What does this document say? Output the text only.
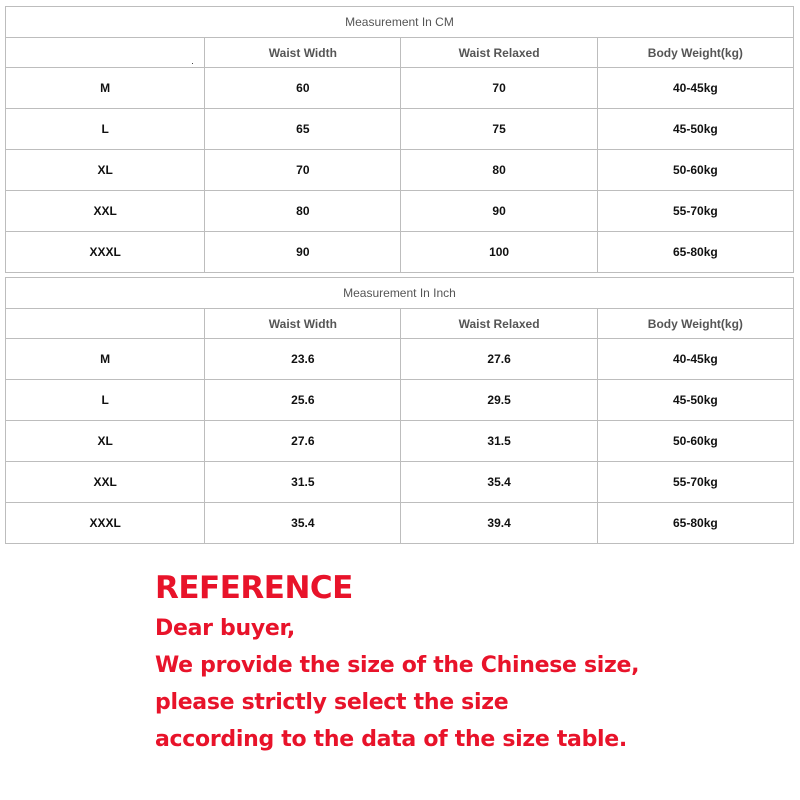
Measurement In CM			
	Waist Width	Waist Relaxed	Body Weight(kg)
M	60	70	40-45kg
L	65	75	45-50kg
XL	70	80	50-60kg
XXL	80	90	55-70kg
XXXL	90	100	65-80kg
Measurement In Inch			
	Waist Width	Waist Relaxed	Body Weight(kg)
M	23.6	27.6	40-45kg
L	25.6	29.5	45-50kg
XL	27.6	31.5	50-60kg
XXL	31.5	35.4	55-70kg
XXXL	35.4	39.4	65-80kg

REFERENCE

Dear buyer,

We provide the size of the Chinese size,

please strictly select the size

according to the data of the size table.
